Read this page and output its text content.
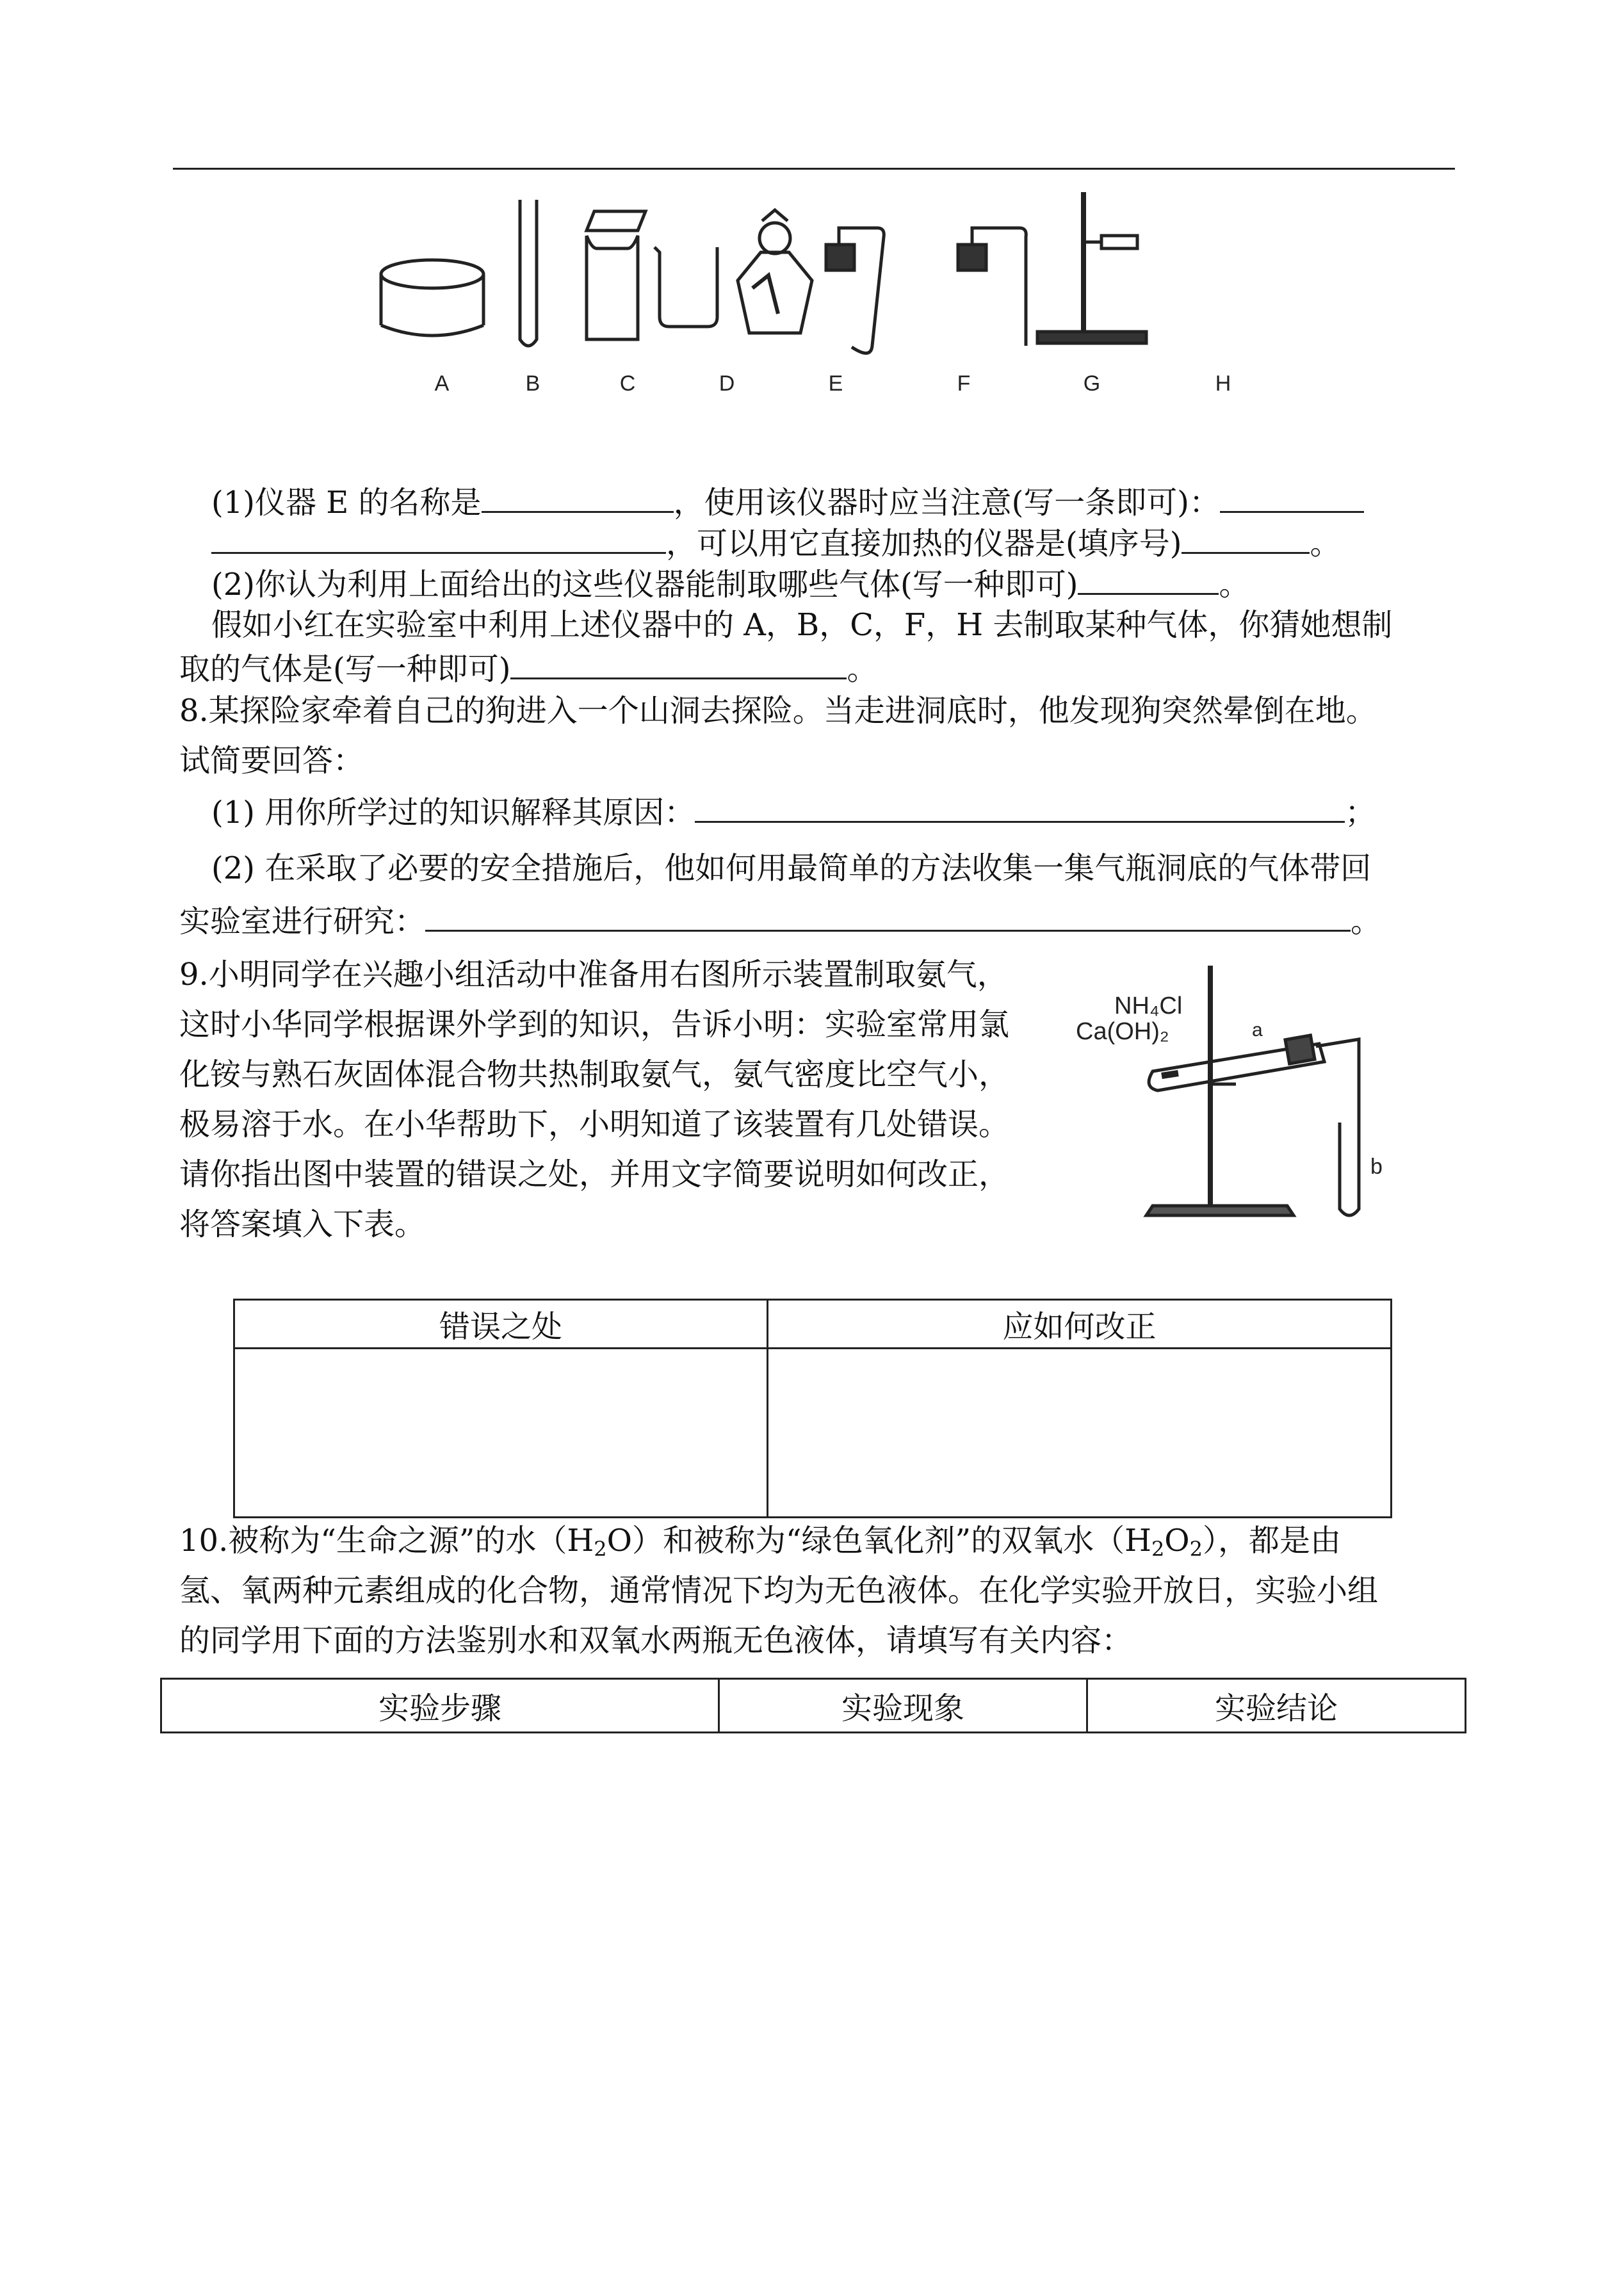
A	B	C	D	E	F	G	H
(1)仪器 E 的名称是	，使用该仪器时应当注意(写一条即可)：
，可以用它直接加热的仪器是(填序号)	。
(2)你认为利用上面给出的这些仪器能制取哪些气体(写一种即可)	。
假如小红在实验室中利用上述仪器中的 A，B，C，F，H 去制取某种气体，你猜她想制
取的气体是(写一种即可)	。
8.某探险家牵着自己的狗进入一个山洞去探险。当走进洞底时，他发现狗突然晕倒在地。
试简要回答：
(1) 用你所学过的知识解释其原因：	；
(2) 在采取了必要的安全措施后，他如何用最简单的方法收集一集气瓶洞底的气体带回
实验室进行研究：	。
9.小明同学在兴趣小组活动中准备用右图所示装置制取氨气，
这时小华同学根据课外学到的知识，告诉小明：实验室常用氯
化铵与熟石灰固体混合物共热制取氨气，氨气密度比空气小，
极易溶于水。在小华帮助下，小明知道了该装置有几处错误。
请你指出图中装置的错误之处，并用文字简要说明如何改正，
将答案填入下表。
NH₄Cl
Ca(OH)₂	a
b
错误之处	应如何改正

10.被称为“生命之源”的水$(H_2O)$和被称为“绿色氧化剂”的双氧水$(H_2O_2)$，都是由
氢、氧两种元素组成的化合物，通常情况下均为无色液体。在化学实验开放日，实验小组
的同学用下面的方法鉴别水和双氧水两瓶无色液体，请填写有关内容：
实验步骤	实验现象	实验结论
